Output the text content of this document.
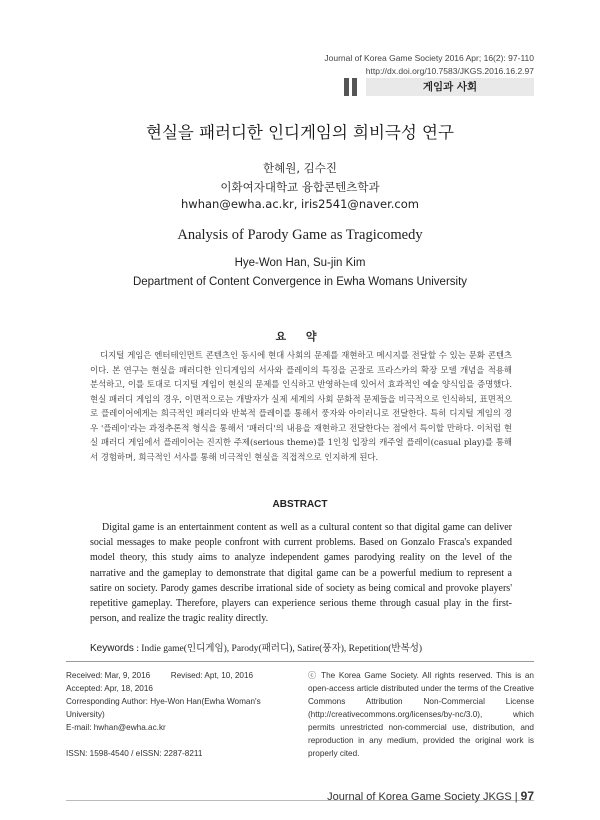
Journal of Korea Game Society 2016 Apr; 16(2): 97-110
http://dx.doi.org/10.7583/JKGS.2016.16.2.97
게임과 사회
현실을 패러디한 인디게임의 희비극성 연구
한혜원, 김수진
이화여자대학교 융합콘텐츠학과
hwhan@ewha.ac.kr, iris2541@naver.com
Analysis of Parody Game as Tragicomedy
Hye-Won Han, Su-jin Kim
Department of Content Convergence in Ewha Womans University
요 약
디지털 게임은 엔터테인먼트 콘텐츠인 동시에 현대 사회의 문제를 재현하고 메시지를 전달할 수 있는 문화 콘텐츠이다. 본 연구는 현실을 패러디한 인디게임의 서사와 플레이의 특징을 곤잘로 프라스카의 확장 모델 개념을 적용해 분석하고, 이를 토대로 디지털 게임이 현실의 문제를 인식하고 반영하는데 있어서 효과적인 예술 양식임을 증명했다. 현실 패러디 게임의 경우, 이면적으로는 개발자가 실제 세계의 사회 문화적 문제들을 비극적으로 인식하되, 표면적으로 플레이어에게는 희극적인 패러디와 반복적 플레이를 통해서 풍자와 아이러니로 전달한다. 특히 디지털 게임의 경우 '플레이'라는 과정추론적 형식을 통해서 '패러디'의 내용을 재현하고 전달한다는 점에서 특이할 만하다. 이처럼 현실 패러디 게임에서 플레이어는 진지한 주제(serious theme)를 1인칭 입장의 캐주얼 플레이(casual play)를 통해서 경험하며, 희극적인 서사를 통해 비극적인 현실을 직접적으로 인지하게 된다.
ABSTRACT
Digital game is an entertainment content as well as a cultural content so that digital game can deliver social messages to make people confront with current problems. Based on Gonzalo Frasca's expanded model theory, this study aims to analyze independent games parodying reality on the level of the narrative and the gameplay to demonstrate that digital game can be a powerful medium to represent a satire on society. Parody games describe irrational side of society as being comical and provoke players' repetitive gameplay. Therefore, players can experience serious theme through casual play in the first-person, and realize the tragic reality directly.
Keywords : Indie game(인디게임), Parody(패러디), Satire(풍자), Repetition(반복성)
Received: Mar, 9, 2016 Revised: Apt, 10, 2016
Accepted: Apr, 18, 2016
Corresponding Author: Hye-Won Han(Ewha Woman's University)
E-mail: hwhan@ewha.ac.kr
ISSN: 1598-4540 / eISSN: 2287-8211
ⓒ The Korea Game Society. All rights reserved. This is an open-access article distributed under the terms of the Creative Commons Attribution Non-Commercial License (http://creativecommons.org/licenses/by-nc/3.0), which permits unrestricted non-commercial use, distribution, and reproduction in any medium, provided the original work is properly cited.
Journal of Korea Game Society JKGS | 97
